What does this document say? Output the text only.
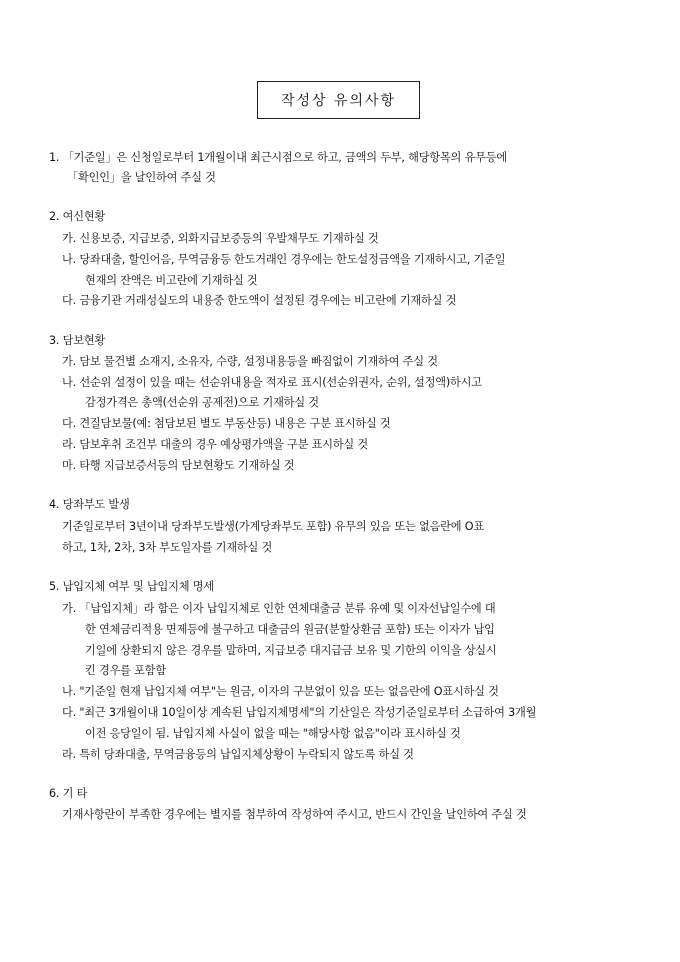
작성상 유의사항
1. 「기준일」은 신청일로부터 1개월이내 최근시점으로 하고, 금액의 두부, 해당항목의 유무등에
「확인인」을 날인하여 주실 것
2. 여신현황
가. 신용보증, 지급보증, 외화지급보증등의 우발채무도 기재하실 것
나. 당좌대출, 할인어음, 무역금융등 한도거래인 경우에는 한도설정금액을 기재하시고, 기준일
현재의 잔액은 비고란에 기재하실 것
다. 금융기관 거래성실도의 내용중 한도액이 설정된 경우에는 비고란에 기재하실 것
3. 담보현황
가. 담보 물건별 소재지, 소유자, 수량, 설정내용등을 빠짐없이 기재하여 주실 것
나. 선순위 설정이 있을 때는 선순위내용을 적자로 표시(선순위권자, 순위, 설정액)하시고
감정가격은 총액(선순위 공제전)으로 기재하실 것
다. 견질담보물(예: 첨담보된 별도 부동산등) 내용은 구분 표시하실 것
라. 담보후취 조건부 대출의 경우 예상평가액을 구분 표시하실 것
마. 타행 지급보증서등의 담보현황도 기재하실 것
4. 당좌부도 발생
기준일로부터 3년이내 당좌부도발생(가계당좌부도 포함) 유무의 있음 또는 없음란에 O표
하고, 1차, 2차, 3차 부도일자를 기재하실 것
5. 납입지체 여부 및 납입지체 명세
가. 「납입지체」라 함은 이자 납입지체로 인한 연체대출금 분류 유예 및 이자선납일수에 대
한 연체금리적용 면제등에 불구하고 대출금의 원금(분할상환금 포함) 또는 이자가 납입
기일에 상환되지 않은 경우를 말하며, 지급보증 대지급금 보유 및 기한의 이익을 상실시
킨 경우를 포함함
나. "기준일 현재 납입지체 여부"는 원금, 이자의 구분없이 있음 또는 없음란에 O표시하실 것
다. "최근 3개월이내 10일이상 계속된 납입지체명세"의 기산일은 작성기준일로부터 소급하여 3개월
이전 응당일이 됨. 납입지체 사실이 없을 때는 "해당사항 없음"이라 표시하실 것
라. 특히 당좌대출, 무역금융등의 납입지체상황이 누락되지 않도록 하실 것
6. 기 타
기재사항란이 부족한 경우에는 별지를 첨부하여 작성하여 주시고, 반드시 간인을 날인하여 주실 것
